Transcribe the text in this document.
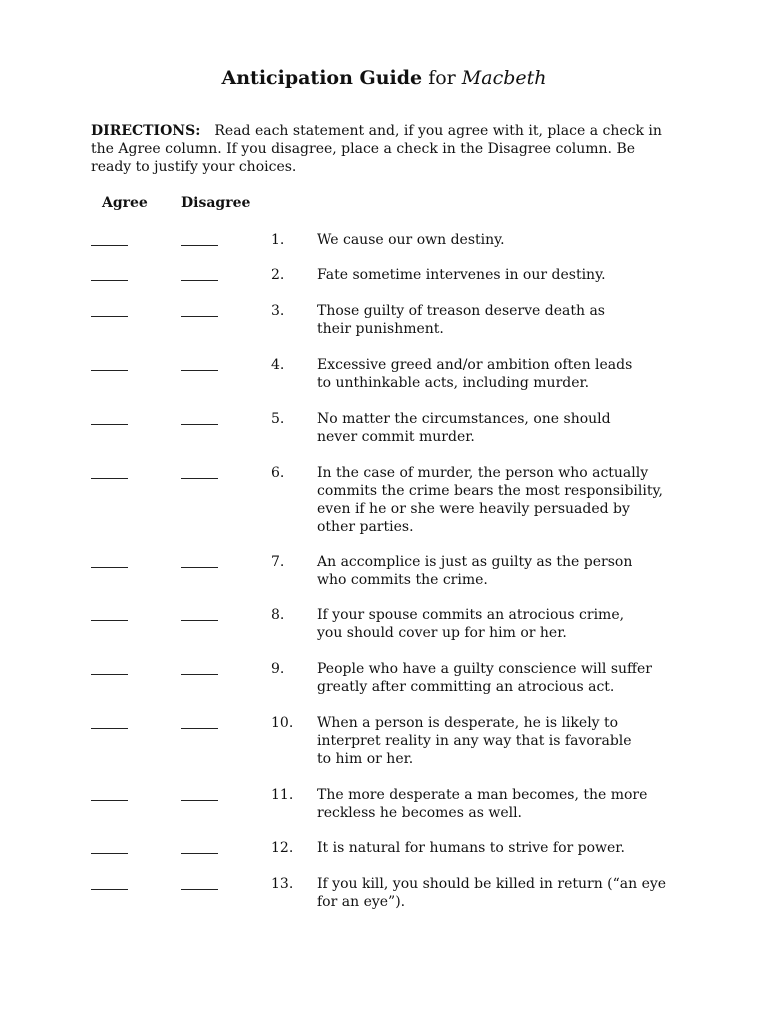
Anticipation Guide for Macbeth
DIRECTIONS: Read each statement and, if you agree with it, place a check in
the Agree column. If you disagree, place a check in the Disagree column. Be
ready to justify your choices.
Agree Disagree
1. We cause our own destiny.
2. Fate sometime intervenes in our destiny.
3. Those guilty of treason deserve death as
their punishment.
4. Excessive greed and/or ambition often leads
to unthinkable acts, including murder.
5. No matter the circumstances, one should
never commit murder.
6. In the case of murder, the person who actually
commits the crime bears the most responsibility,
even if he or she were heavily persuaded by
other parties.
7. An accomplice is just as guilty as the person
who commits the crime.
8. If your spouse commits an atrocious crime,
you should cover up for him or her.
9. People who have a guilty conscience will suffer
greatly after committing an atrocious act.
10. When a person is desperate, he is likely to
interpret reality in any way that is favorable
to him or her.
11. The more desperate a man becomes, the more
reckless he becomes as well.
12. It is natural for humans to strive for power.
13. If you kill, you should be killed in return (“an eye
for an eye”).
